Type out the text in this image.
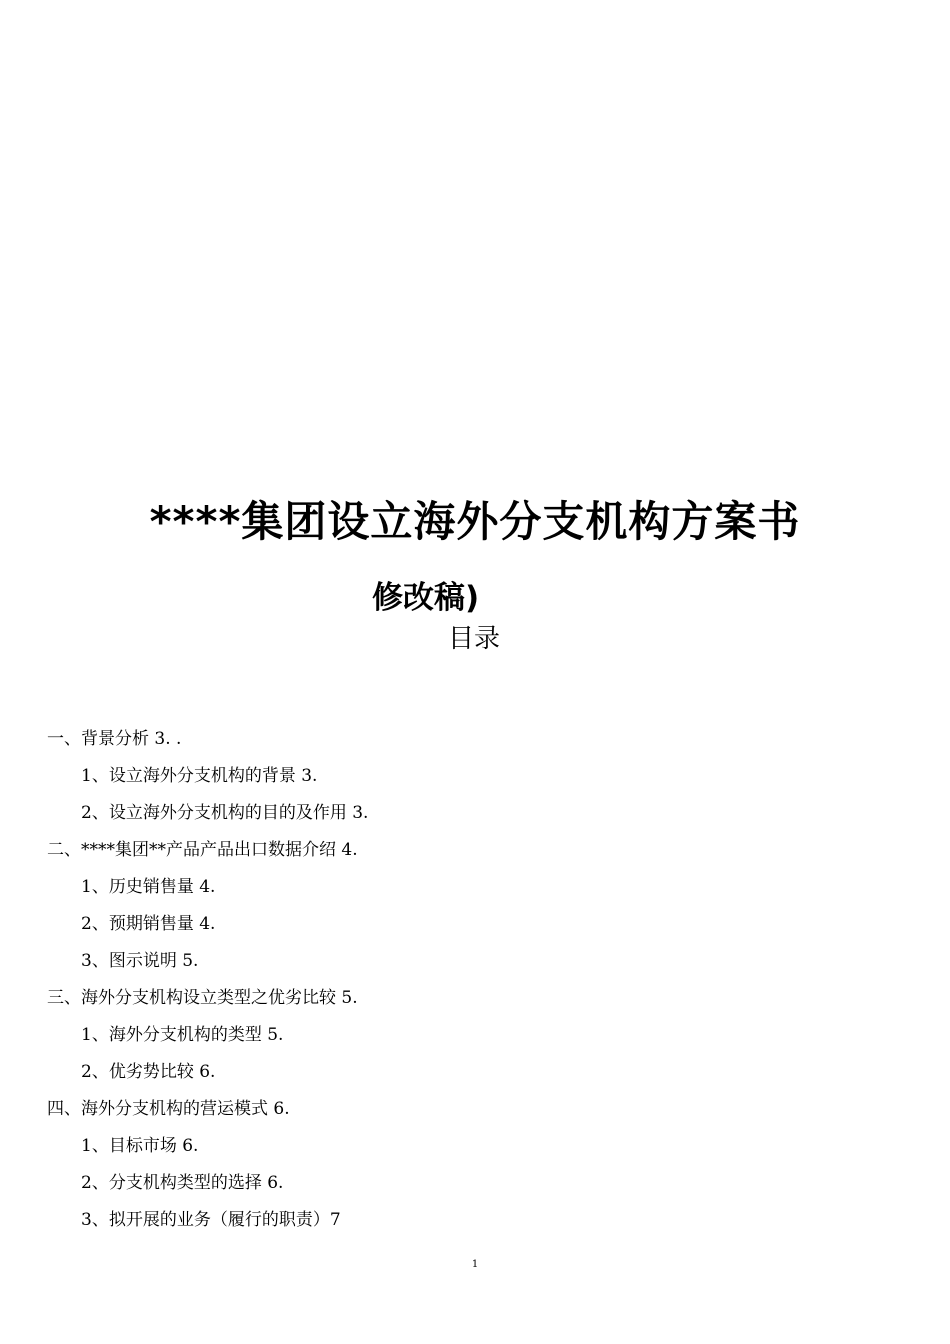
****集团设立海外分支机构方案书
修改稿)
目录
一、背景分析 3. .
1、设立海外分支机构的背景 3.
2、设立海外分支机构的目的及作用 3.
二、****集团**产品产品出口数据介绍 4.
1、历史销售量 4.
2、预期销售量 4.
3、图示说明 5.
三、海外分支机构设立类型之优劣比较 5.
1、海外分支机构的类型 5.
2、优劣势比较 6.
四、海外分支机构的营运模式 6.
1、目标市场 6.
2、分支机构类型的选择 6.
3、拟开展的业务（履行的职责）7
1
